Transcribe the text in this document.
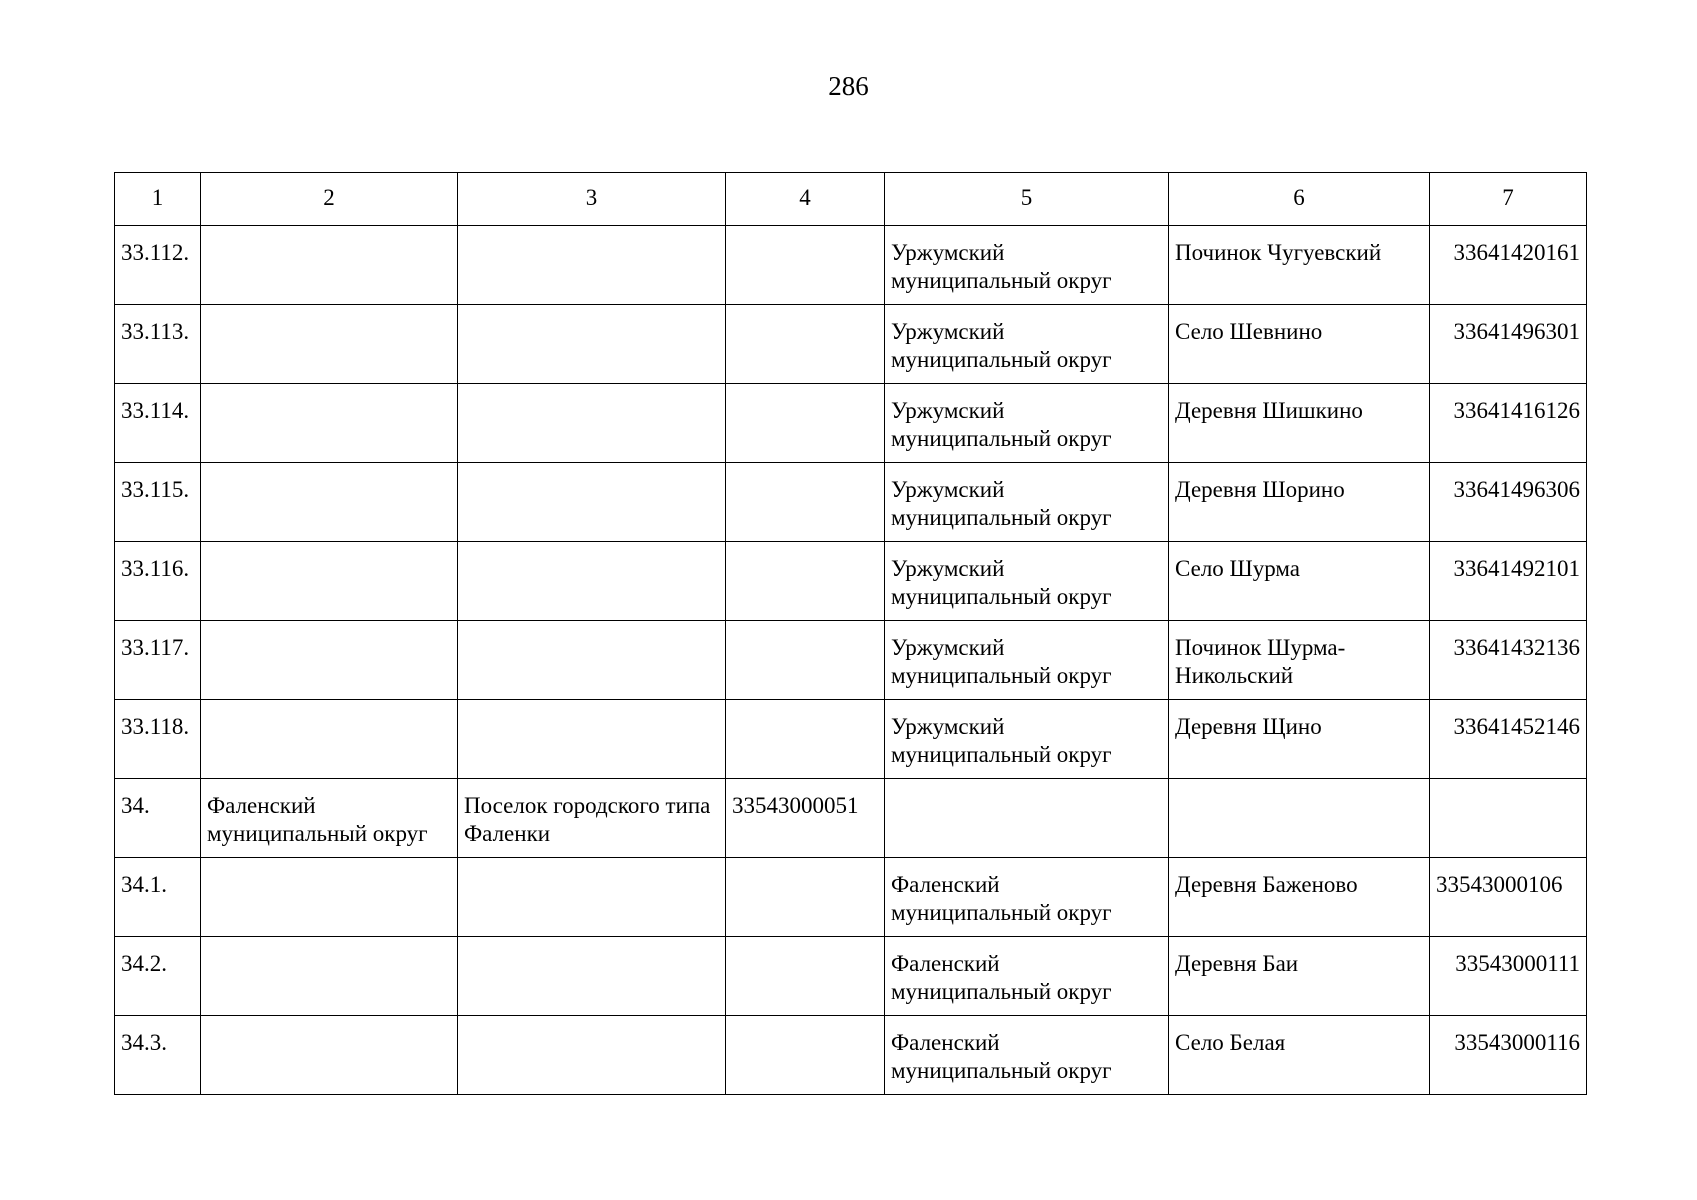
286
1	2	3	4	5	6	7
33.112.				Уржумский муниципальный округ	Починок Чугуевский	33641420161
33.113.				Уржумский муниципальный округ	Село Шевнино	33641496301
33.114.				Уржумский муниципальный округ	Деревня Шишкино	33641416126
33.115.				Уржумский муниципальный округ	Деревня Шорино	33641496306
33.116.				Уржумский муниципальный округ	Село Шурма	33641492101
33.117.				Уржумский муниципальный округ	Починок Шурма-Никольский	33641432136
33.118.				Уржумский муниципальный округ	Деревня Щино	33641452146
34.	Фаленский муниципальный округ	Поселок городского типа Фаленки	33543000051			
34.1.				Фаленский муниципальный округ	Деревня Баженово	33543000106
34.2.				Фаленский муниципальный округ	Деревня Баи	33543000111
34.3.				Фаленский муниципальный округ	Село Белая	33543000116
